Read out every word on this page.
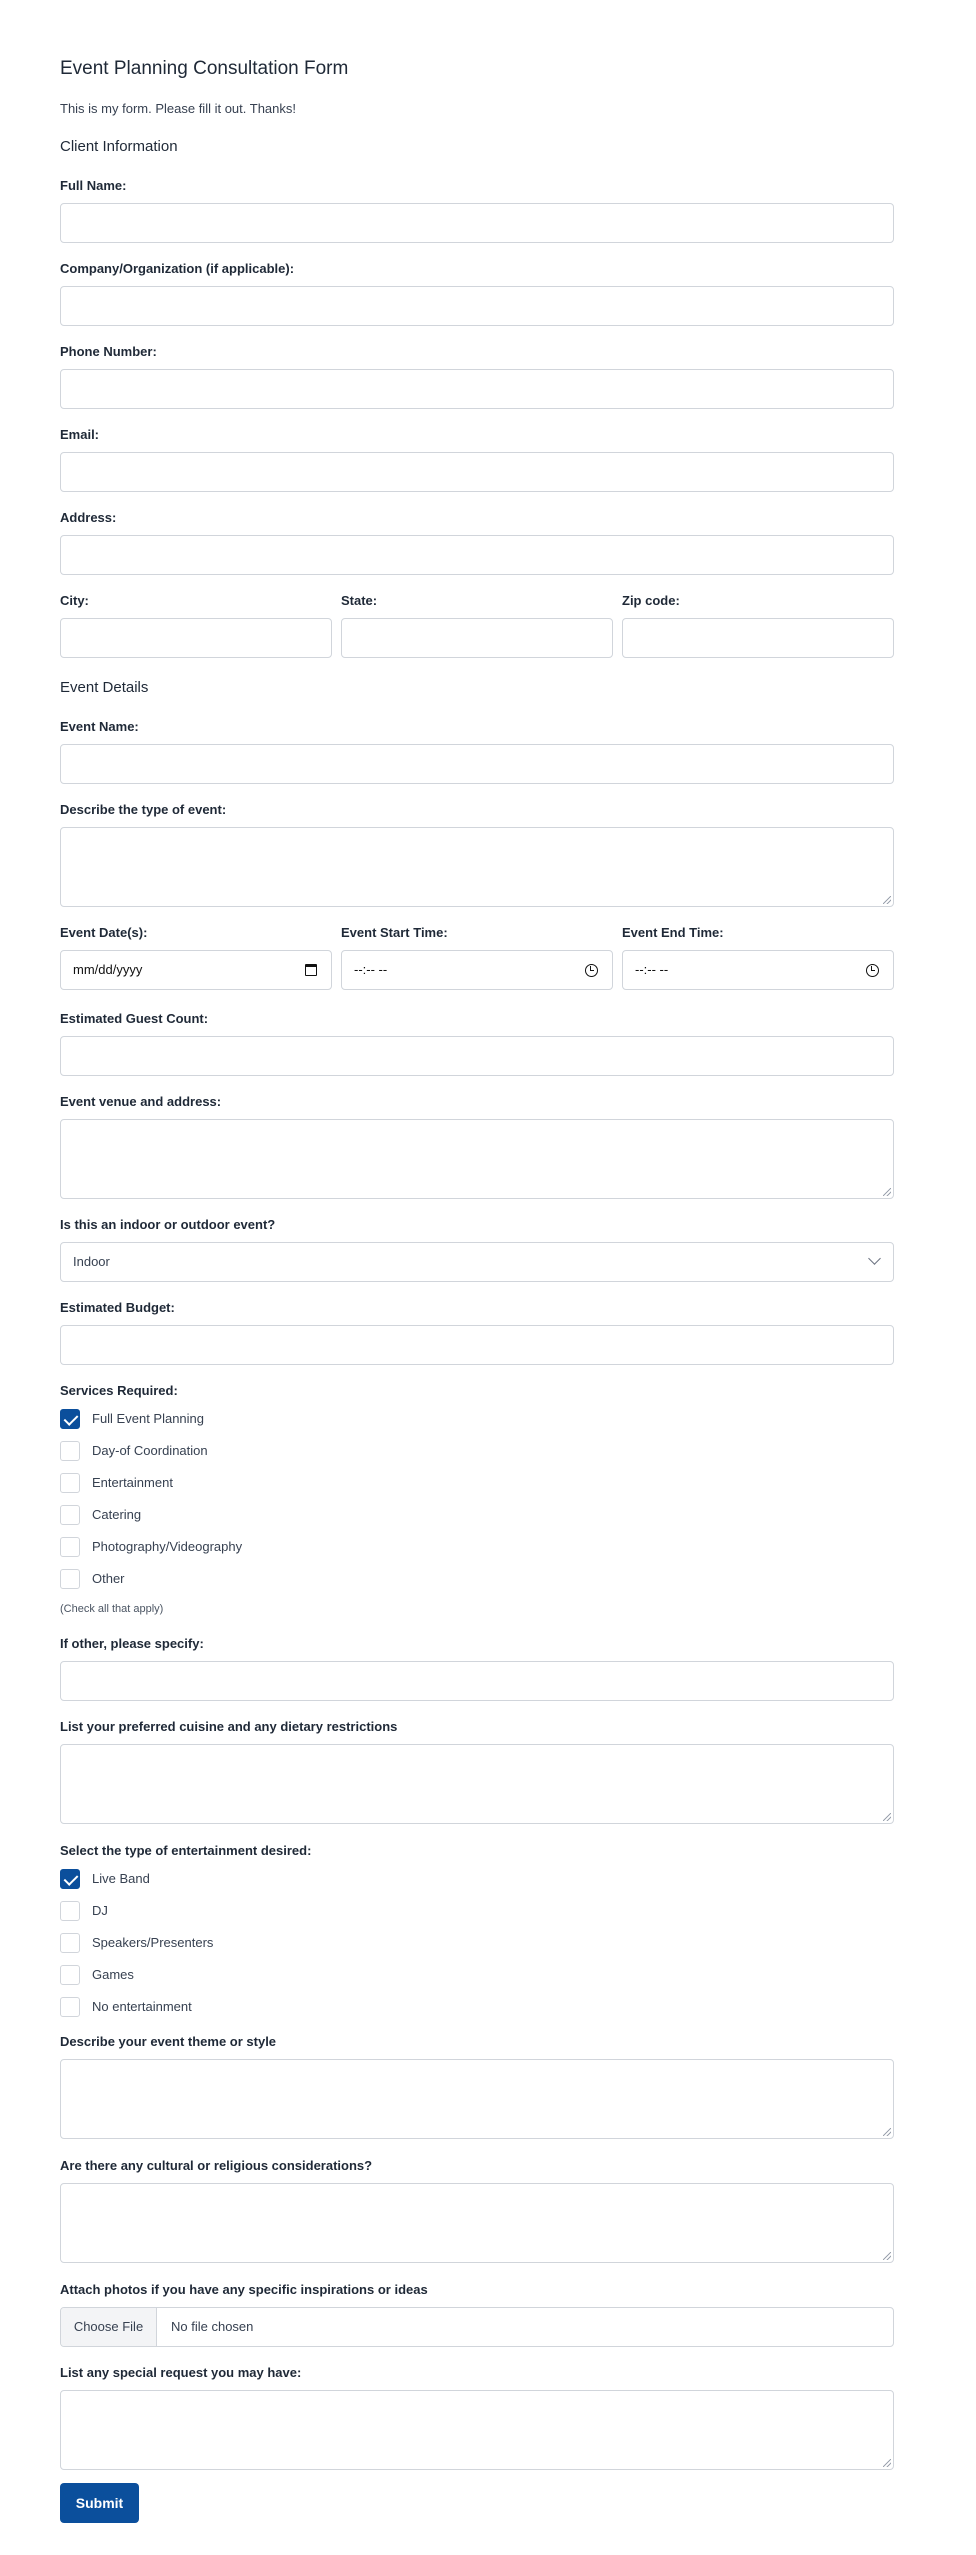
Event Planning Consultation Form
This is my form. Please fill it out. Thanks!
Client Information
Full Name:
Company/Organization (if applicable):
Phone Number:
Email:
Address:
City:	State:	Zip code:
Event Details
Event Name:
Describe the type of event:
Event Date(s):
mm/dd/yyyy
Event Start Time:
--:-- --
Event End Time:
--:-- --
Estimated Guest Count:
Event venue and address:
Is this an indoor or outdoor event?
Indoor
Estimated Budget:
Services Required:
Full Event Planning
Day-of Coordination
Entertainment
Catering
Photography/Videography
Other
(Check all that apply)
If other, please specify:
List your preferred cuisine and any dietary restrictions
Select the type of entertainment desired:
Live Band
DJ
Speakers/Presenters
Games
No entertainment
Describe your event theme or style
Are there any cultural or religious considerations?
Attach photos if you have any specific inspirations or ideas
Choose File	No file chosen
List any special request you may have:
Submit
